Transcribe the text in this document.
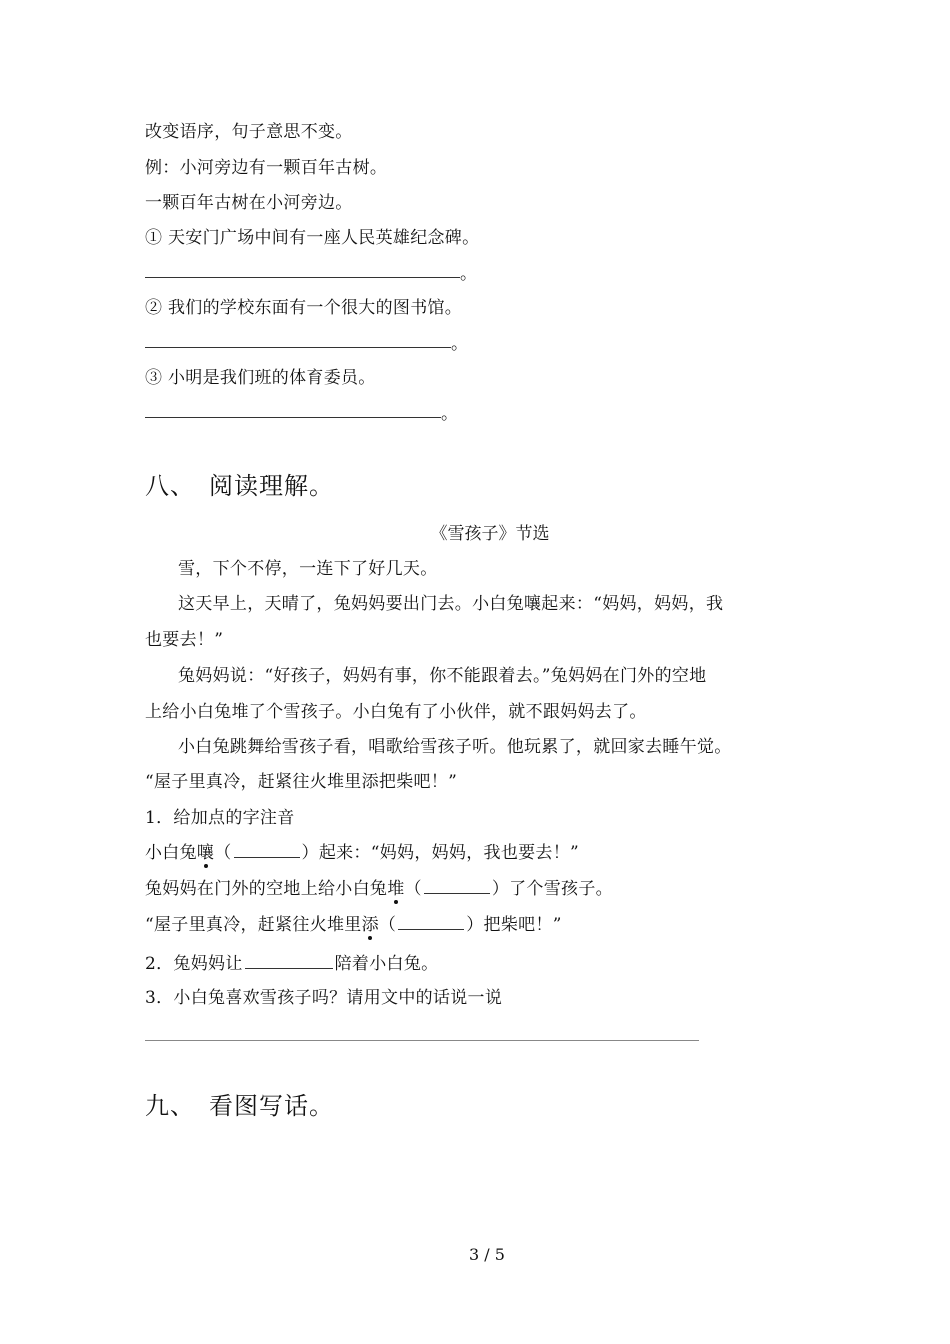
改变语序，句子意思不变。
例：小河旁边有一颗百年古树。
一颗百年古树在小河旁边。
① 天安门广场中间有一座人民英雄纪念碑。
。
② 我们的学校东面有一个很大的图书馆。
。
③ 小明是我们班的体育委员。
。
八、 阅读理解。
《雪孩子》节选
雪，下个不停，一连下了好几天。
这天早上，天晴了，兔妈妈要出门去。小白兔嚷起来：“妈妈，妈妈，我
也要去！”
兔妈妈说：“好孩子，妈妈有事，你不能跟着去。”兔妈妈在门外的空地
上给小白兔堆了个雪孩子。小白兔有了小伙伴，就不跟妈妈去了。
小白兔跳舞给雪孩子看，唱歌给雪孩子听。他玩累了，就回家去睡午觉。
“屋子里真冷，赶紧往火堆里添把柴吧！”
1．给加点的字注音
小白兔嚷（	）起来：“妈妈，妈妈，我也要去！”
兔妈妈在门外的空地上给小白兔堆（	）了个雪孩子。
“屋子里真冷，赶紧往火堆里添（	）把柴吧！”
2．兔妈妈让	陪着小白兔。
3．小白兔喜欢雪孩子吗？请用文中的话说一说
九、 看图写话。
3 / 5
